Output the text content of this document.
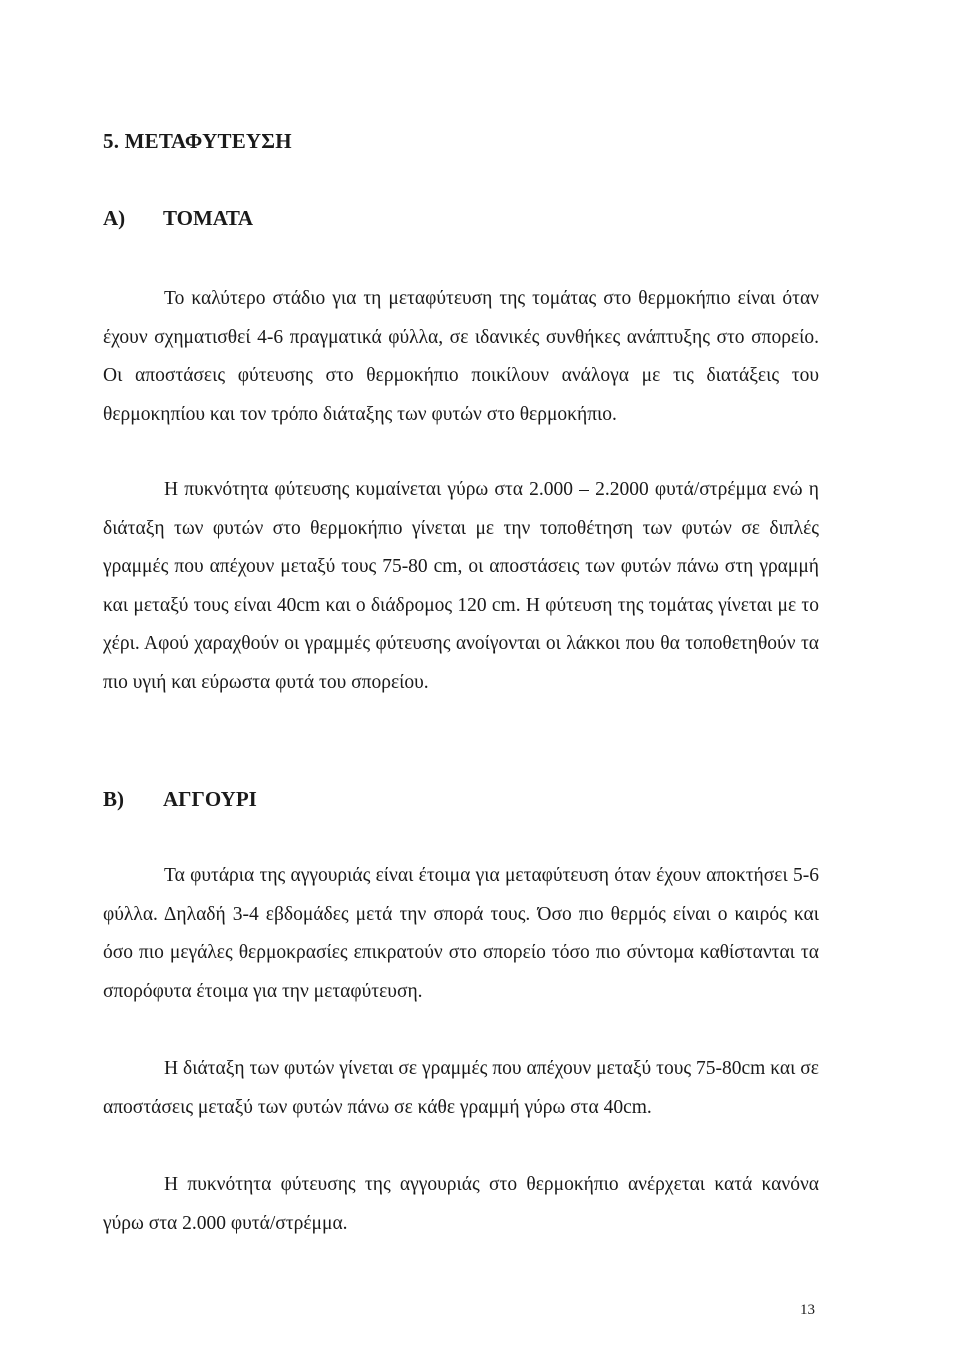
5. ΜΕΤΑΦΥΤΕΥΣΗ
A) ΤΟΜΑΤΑ

Το καλύτερο στάδιο για τη μεταφύτευση της τομάτας στο θερμοκήπιο είναι όταν έχουν σχηματισθεί 4-6 πραγματικά φύλλα, σε ιδανικές συνθήκες ανάπτυξης στο σπορείο. Οι αποστάσεις φύτευσης στο θερμοκήπιο ποικίλουν ανάλογα με τις διατάξεις του θερμοκηπίου και τον τρόπο διάταξης των φυτών στο θερμοκήπιο.

Η πυκνότητα φύτευσης κυμαίνεται γύρω στα 2.000 – 2.2000 φυτά/στρέμμα ενώ η διάταξη των φυτών στο θερμοκήπιο γίνεται με την τοποθέτηση των φυτών σε διπλές γραμμές που απέχουν μεταξύ τους 75-80 cm, οι αποστάσεις των φυτών πάνω στη γραμμή και μεταξύ τους είναι 40cm και ο διάδρομος 120 cm. Η φύτευση της τομάτας γίνεται με το χέρι. Αφού χαραχθούν οι γραμμές φύτευσης ανοίγονται οι λάκκοι που θα τοποθετηθούν τα πιο υγιή και εύρωστα φυτά του σπορείου.

B) ΑΓΓΟΥΡΙ

Τα φυτάρια της αγγουριάς είναι έτοιμα για μεταφύτευση όταν έχουν αποκτήσει 5-6 φύλλα. Δηλαδή 3-4 εβδομάδες μετά την σπορά τους. Όσο πιο θερμός είναι ο καιρός και όσο πιο μεγάλες θερμοκρασίες επικρατούν στο σπορείο τόσο πιο σύντομα καθίστανται τα σπορόφυτα έτοιμα για την μεταφύτευση.

Η διάταξη των φυτών γίνεται σε γραμμές που απέχουν μεταξύ τους 75-80cm και σε αποστάσεις μεταξύ των φυτών πάνω σε κάθε γραμμή γύρω στα 40cm.

Η πυκνότητα φύτευσης της αγγουριάς στο θερμοκήπιο ανέρχεται κατά κανόνα γύρω στα 2.000 φυτά/στρέμμα.

13
